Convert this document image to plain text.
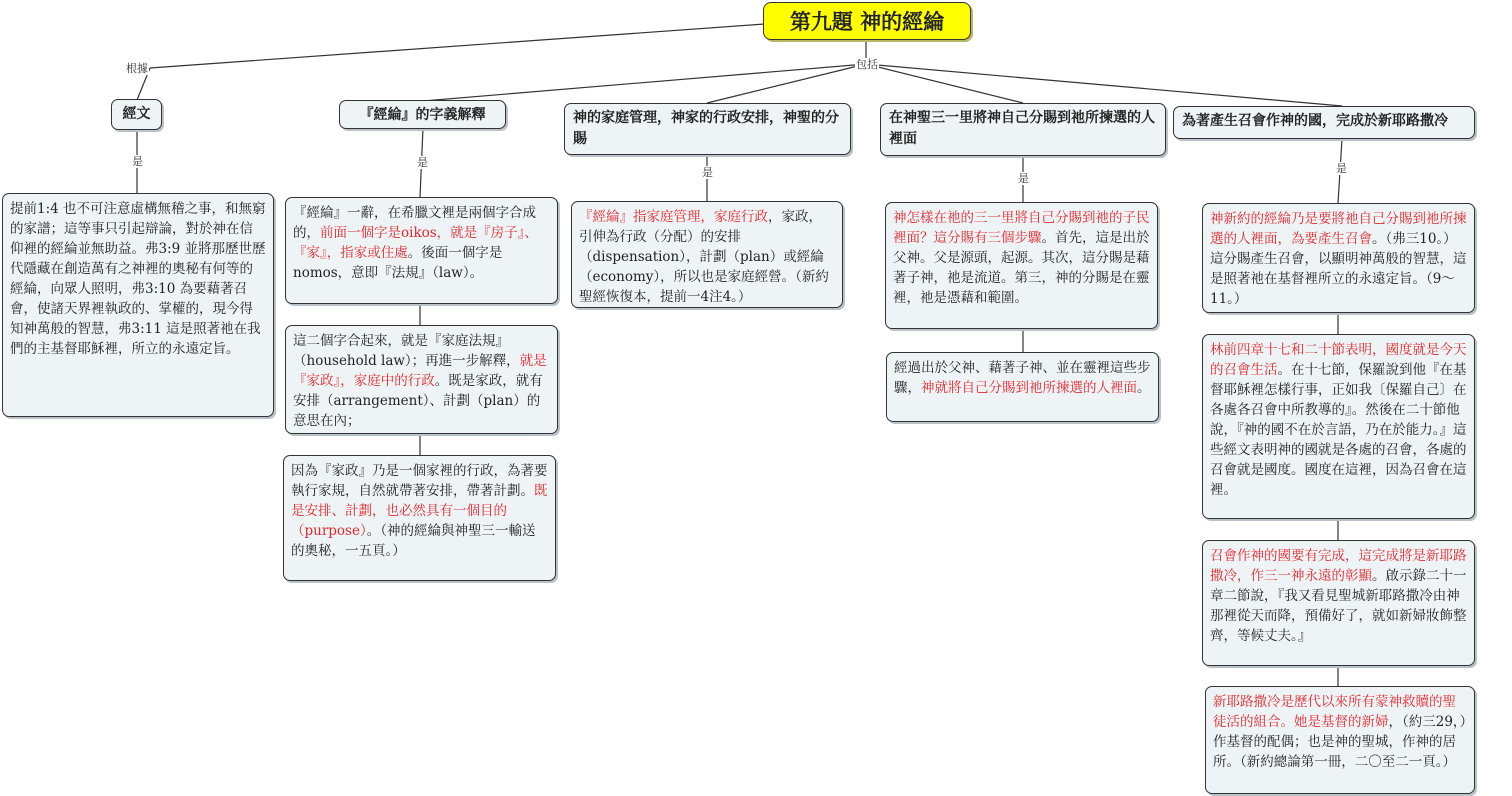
根據	包括
是	是
是	是
是
第九題 神的經綸
經文	『經綸』的字義解釋	神的家庭管理，神家的行政安排，神聖的分賜
在神聖三一里將神自己分賜到祂所揀選的人裡面
為著產生召會作神的國，完成於新耶路撒冷
提前1:4 也不可注意虛構無稽之事，和無窮的家譜；這等事只引起辯論，對於神在信仰裡的經綸並無助益。弗3:9 並將那歷世歷代隱藏在創造萬有之神裡的奧秘有何等的經綸，向眾人照明，弗3:10 為要藉著召會，使諸天界裡執政的、掌權的，現今得知神萬般的智慧，弗3:11 這是照著祂在我們的主基督耶穌裡，所立的永遠定旨。
『經綸』一辭，在希臘文裡是兩個字合成的，前面一個字是oikos，就是『房子』、『家』，指家或住處。後面一個字是nomos，意即『法規』（law）。
這二個字合起來，就是『家庭法規』（household law）；再進一步解釋，就是『家政』，家庭中的行政。既是家政，就有安排（arrangement）、計劃（plan）的意思在內；
因為『家政』乃是一個家裡的行政，為著要執行家規，自然就帶著安排，帶著計劃。既是安排、計劃，也必然具有一個目的（purpose）。（神的經綸與神聖三一輸送的奧秘，一五頁。）
『經綸』指家庭管理，家庭行政，家政，引伸為行政（分配）的安排（dispensation），計劃（plan）或經綸（economy），所以也是家庭經營。（新約聖經恢復本，提前一4注4。）
神怎樣在祂的三一里將自己分賜到祂的子民裡面？這分賜有三個步驟。首先，這是出於父神。父是源頭，起源。其次，這分賜是藉著子神，祂是流道。第三，神的分賜是在靈裡，祂是憑藉和範圍。
經過出於父神、藉著子神、並在靈裡這些步驟，神就將自己分賜到祂所揀選的人裡面。
神新約的經綸乃是要將祂自己分賜到祂所揀選的人裡面，為要產生召會。（弗三10。）這分賜產生召會，以顯明神萬般的智慧，這是照著祂在基督裡所立的永遠定旨。（9～ 11。）
林前四章十七和二十節表明，國度就是今天的召會生活。在十七節，保羅說到他『在基督耶穌裡怎樣行事，正如我〔保羅自己〕在各處各召會中所教導的』。然後在二十節他說，『神的國不在於言語，乃在於能力。』這些經文表明神的國就是各處的召會，各處的召會就是國度。國度在這裡，因為召會在這裡。
召會作神的國要有完成，這完成將是新耶路撒冷，作三一神永遠的彰顯。啟示錄二十一章二節說，『我又看見聖城新耶路撒冷由神那裡從天而降，預備好了，就如新婦妝飾整齊，等候丈夫。』
新耶路撒冷是歷代以來所有蒙神救贖的聖徒活的組合。她是基督的新婦，（約三29，）作基督的配偶；也是神的聖城，作神的居所。（新約總論第一冊，二〇至二一頁。）
